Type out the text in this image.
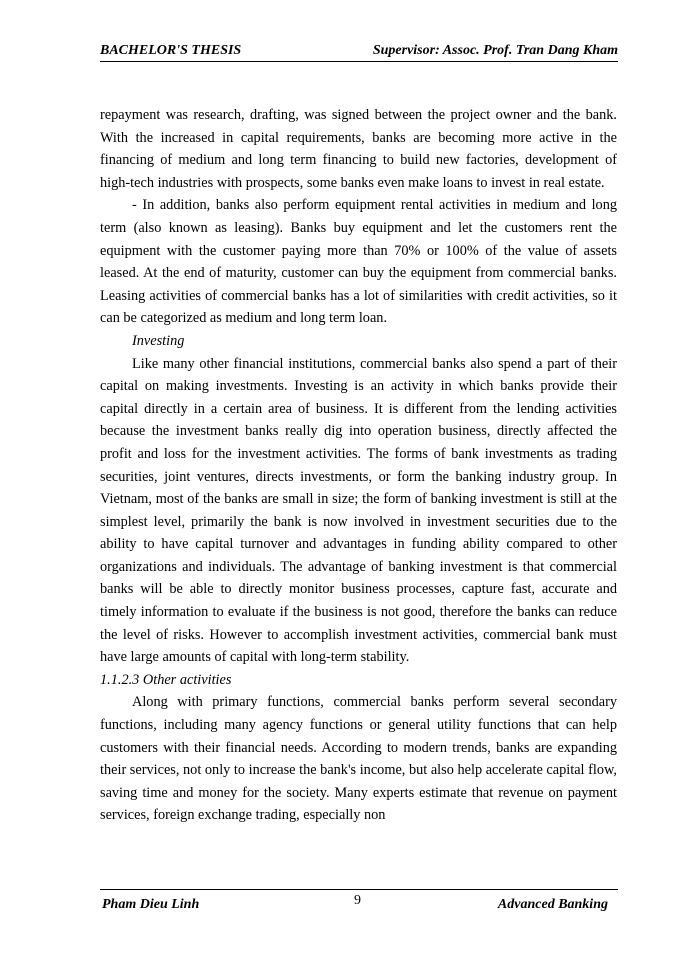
BACHELOR'S THESIS	Supervisor: Assoc. Prof. Tran Dang Kham

repayment was research, drafting, was signed between the project owner and the bank. With the increased in capital requirements, banks are becoming more active in the financing of medium and long term financing to build new factories, development of high-tech industries with prospects, some banks even make loans to invest in real estate.

- In addition, banks also perform equipment rental activities in medium and long term (also known as leasing). Banks buy equipment and let the customers rent the equipment with the customer paying more than 70% or 100% of the value of assets leased. At the end of maturity, customer can buy the equipment from commercial banks. Leasing activities of commercial banks has a lot of similarities with credit activities, so it can be categorized as medium and long term loan.

Investing

Like many other financial institutions, commercial banks also spend a part of their capital on making investments. Investing is an activity in which banks provide their capital directly in a certain area of business. It is different from the lending activities because the investment banks really dig into operation business, directly affected the profit and loss for the investment activities. The forms of bank investments as trading securities, joint ventures, directs investments, or form the banking industry group. In Vietnam, most of the banks are small in size; the form of banking investment is still at the simplest level, primarily the bank is now involved in investment securities due to the ability to have capital turnover and advantages in funding ability compared to other organizations and individuals. The advantage of banking investment is that commercial banks will be able to directly monitor business processes, capture fast, accurate and timely information to evaluate if the business is not good, therefore the banks can reduce the level of risks. However to accomplish investment activities, commercial bank must have large amounts of capital with long-term stability.

1.1.2.3 Other activities

Along with primary functions, commercial banks perform several secondary functions, including many agency functions or general utility functions that can help customers with their financial needs. According to modern trends, banks are expanding their services, not only to increase the bank's income, but also help accelerate capital flow, saving time and money for the society. Many experts estimate that revenue on payment services, foreign exchange trading, especially non

Pham Dieu Linh	9	Advanced Banking
